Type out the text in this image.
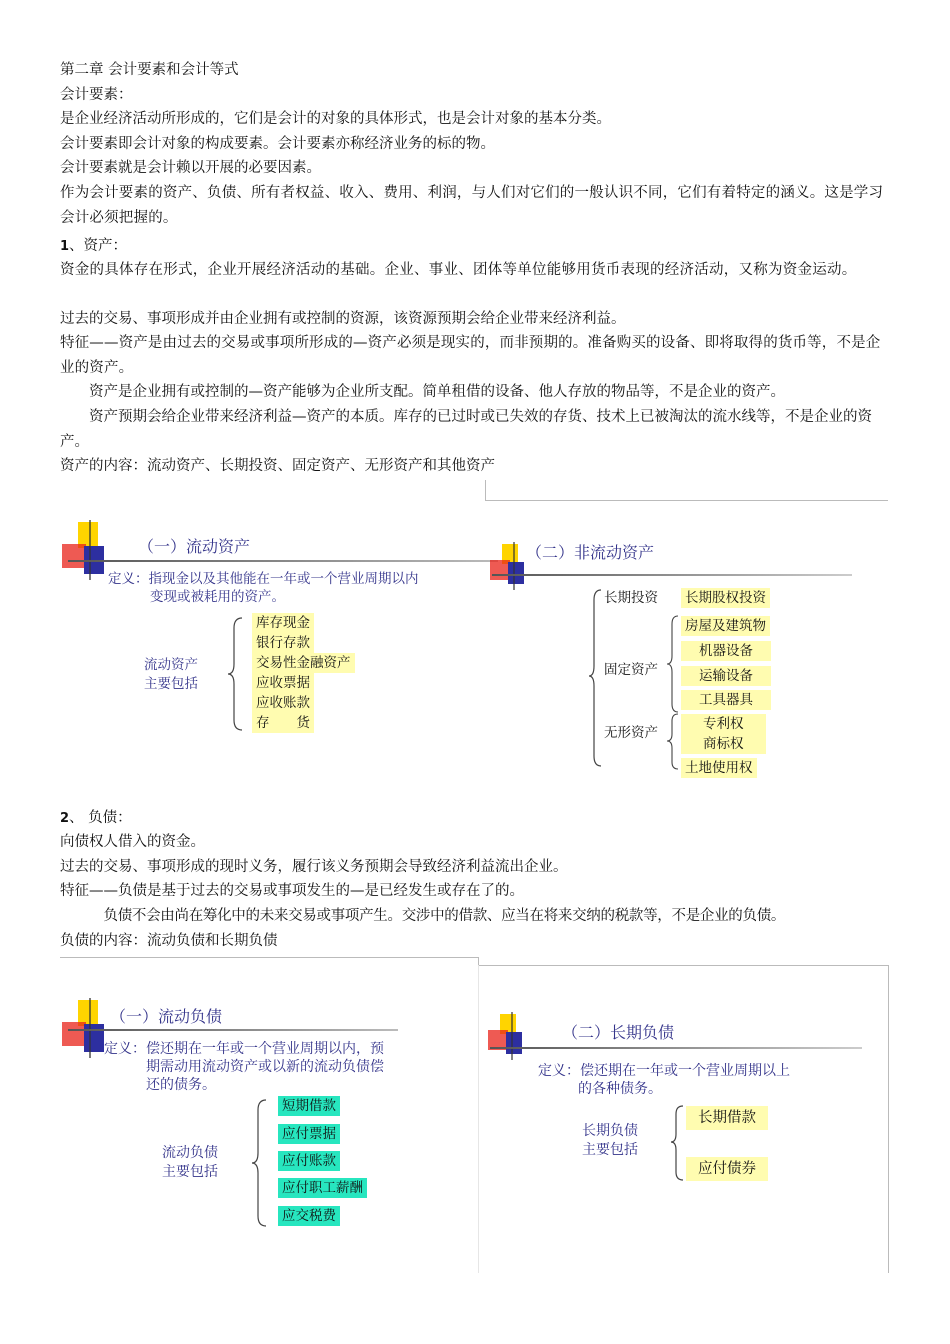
第二章 会计要素和会计等式

会计要素：

是企业经济活动所形成的，它们是会计的对象的具体形式，也是会计对象的基本分类。

会计要素即会计对象的构成要素。会计要素亦称经济业务的标的物。

会计要素就是会计赖以开展的必要因素。

作为会计要素的资产、负债、所有者权益、收入、费用、利润，与人们对它们的一般认识不同，它们有着特定的涵义。这是学习会计必须把握的。

1、资产：

资金的具体存在形式，企业开展经济活动的基础。企业、事业、团体等单位能够用货币表现的经济活动，又称为资金运动。

过去的交易、事项形成并由企业拥有或控制的资源，该资源预期会给企业带来经济利益。

特征——资产是由过去的交易或事项所形成的—资产必须是现实的，而非预期的。准备购买的设备、即将取得的货币等，不是企业的资产。

资产是企业拥有或控制的—资产能够为企业所支配。简单租借的设备、他人存放的物品等，不是企业的资产。

资产预期会给企业带来经济利益—资产的本质。库存的已过时或已失效的存货、技术上已被淘汰的流水线等，不是企业的资产。

资产的内容：流动资产、长期投资、固定资产、无形资产和其他资产

（一）流动资产
定义：指现金以及其他能在一年或一个营业周期以内
变现或被耗用的资产。
流动资产
主要包括
库存现金
银行存款
交易性金融资产
应收票据
应收账款
存　　货
（二）非流动资产
长期投资 长期股权投资
固定资产
房屋及建筑物
机器设备
运输设备
工具器具
无形资产
专利权
商标权
土地使用权

2、 负债：

向债权人借入的资金。

过去的交易、事项形成的现时义务，履行该义务预期会导致经济利益流出企业。

特征——负债是基于过去的交易或事项发生的—是已经发生或存在了的。

负债不会由尚在筹化中的未来交易或事项产生。交涉中的借款、应当在将来交纳的税款等，不是企业的负债。

负债的内容：流动负债和长期负债

（一）流动负债
定义：偿还期在一年或一个营业周期以内，预
期需动用流动资产或以新的流动负债偿
还的债务。
流动负债
主要包括
短期借款
应付票据
应付账款
应付职工薪酬
应交税费
（二）长期负债
定义：偿还期在一年或一个营业周期以上
的各种债务。
长期负债
主要包括
长期借款
应付债券
